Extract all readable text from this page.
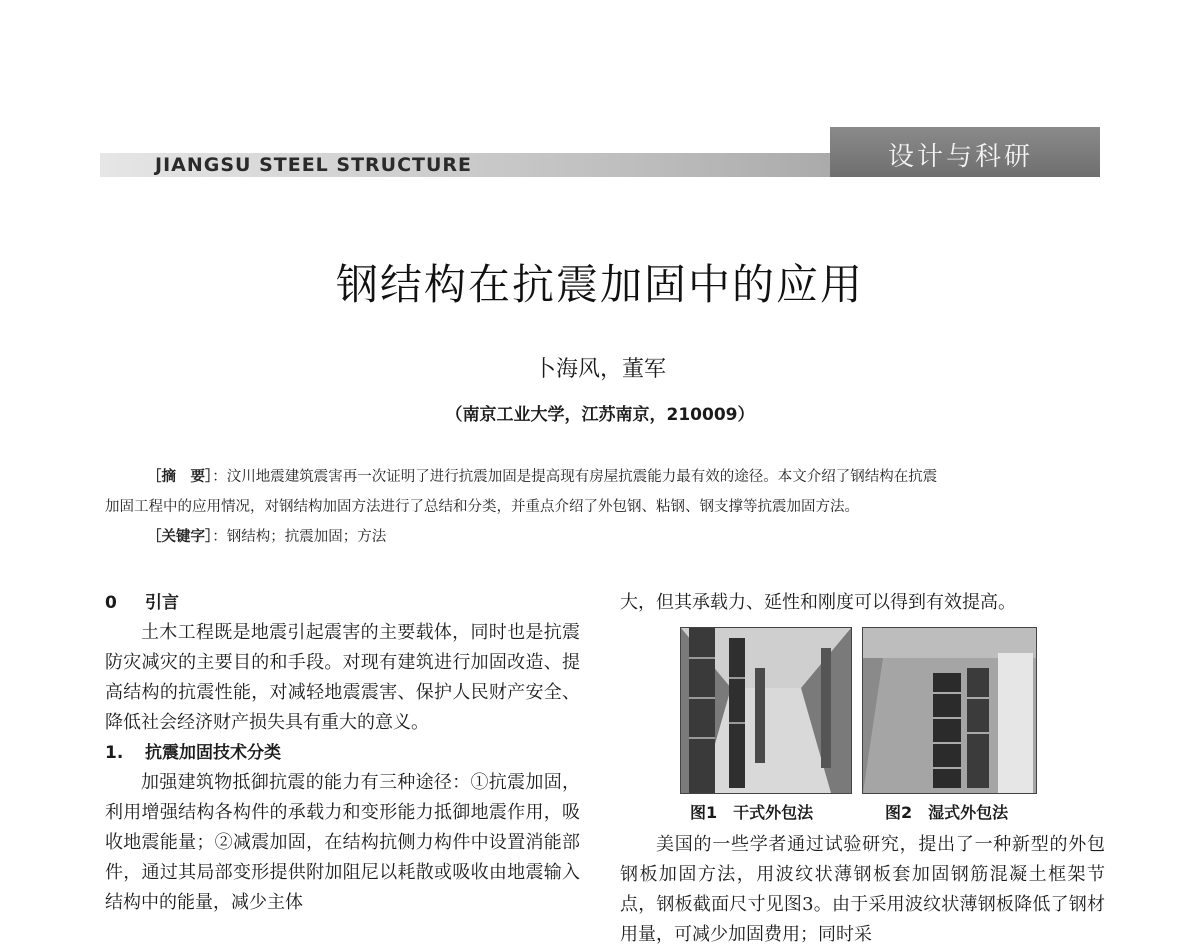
JIANGSU STEEL STRUCTURE	设计与科研
钢结构在抗震加固中的应用
卜海风，董军
（南京工业大学，江苏南京，210009）
［摘　要］：汶川地震建筑震害再一次证明了进行抗震加固是提高现有房屋抗震能力最有效的途径。本文介绍了钢结构在抗震
加固工程中的应用情况，对钢结构加固方法进行了总结和分类，并重点介绍了外包钢、粘钢、钢支撑等抗震加固方法。
［关键字］：钢结构；抗震加固；方法

0 引言

土木工程既是地震引起震害的主要载体，同时也是抗震防灾减灾的主要目的和手段。对现有建筑进行加固改造、提高结构的抗震性能，对减轻地震震害、保护人民财产安全、降低社会经济财产损失具有重大的意义。

1. 抗震加固技术分类

加强建筑物抵御抗震的能力有三种途径：①抗震加固，利用增强结构各构件的承载力和变形能力抵御地震作用，吸收地震能量；②减震加固，在结构抗侧力构件中设置消能部件，通过其局部变形提供附加阻尼以耗散或吸收由地震输入结构中的能量，减少主体

大，但其承载力、延性和刚度可以得到有效提高。

图1　干式外包法	图2　湿式外包法

美国的一些学者通过试验研究，提出了一种新型的外包钢板加固方法，用波纹状薄钢板套加固钢筋混凝土框架节点，钢板截面尺寸见图3。由于采用波纹状薄钢板降低了钢材用量，可减少加固费用；同时采
